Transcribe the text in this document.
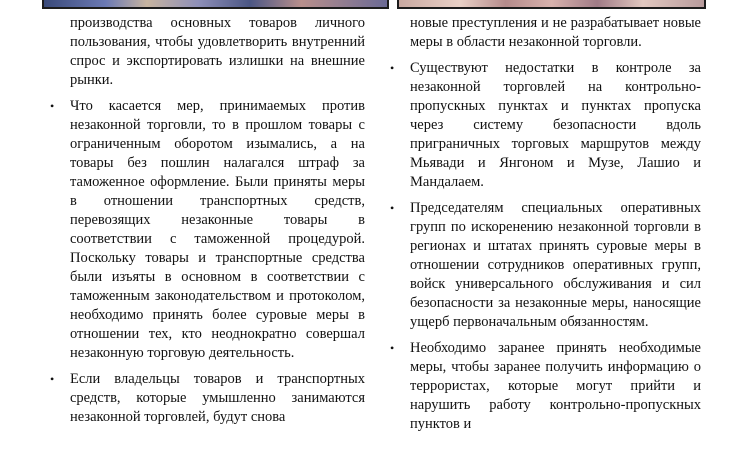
производства основных товаров личного пользования, чтобы удовлетворить внутренний спрос и экспортировать излишки на внешние рынки.

• Что касается мер, принимаемых против незаконной торговли, то в прошлом товары с ограниченным оборотом изымались, а на товары без пошлин налагался штраф за таможенное оформление. Были приняты меры в отношении транспортных средств, перевозящих незаконные товары в соответствии с таможенной процедурой. Поскольку товары и транспортные средства были изъяты в основном в соответствии с таможенным законодательством и протоколом, необходимо принять более суровые меры в отношении тех, кто неоднократно совершал незаконную торговую деятельность.

• Если владельцы товаров и транспортных средств, которые умышленно занимаются незаконной торговлей, будут снова

новые преступления и не разрабатывает новые меры в области незаконной торговли.

• Существуют недостатки в контроле за незаконной торговлей на контрольно-пропускных пунктах и пунктах пропуска через систему безопасности вдоль приграничных торговых маршрутов между Мьявади и Янгоном и Музе, Лашио и Мандалаем.

• Председателям специальных оперативных групп по искоренению незаконной торговли в регионах и штатах принять суровые меры в отношении сотрудников оперативных групп, войск универсального обслуживания и сил безопасности за незаконные меры, наносящие ущерб первоначальным обязанностям.

• Необходимо заранее принять необходимые меры, чтобы заранее получить информацию о террористах, которые могут прийти и нарушить работу контрольно-пропускных пунктов и
